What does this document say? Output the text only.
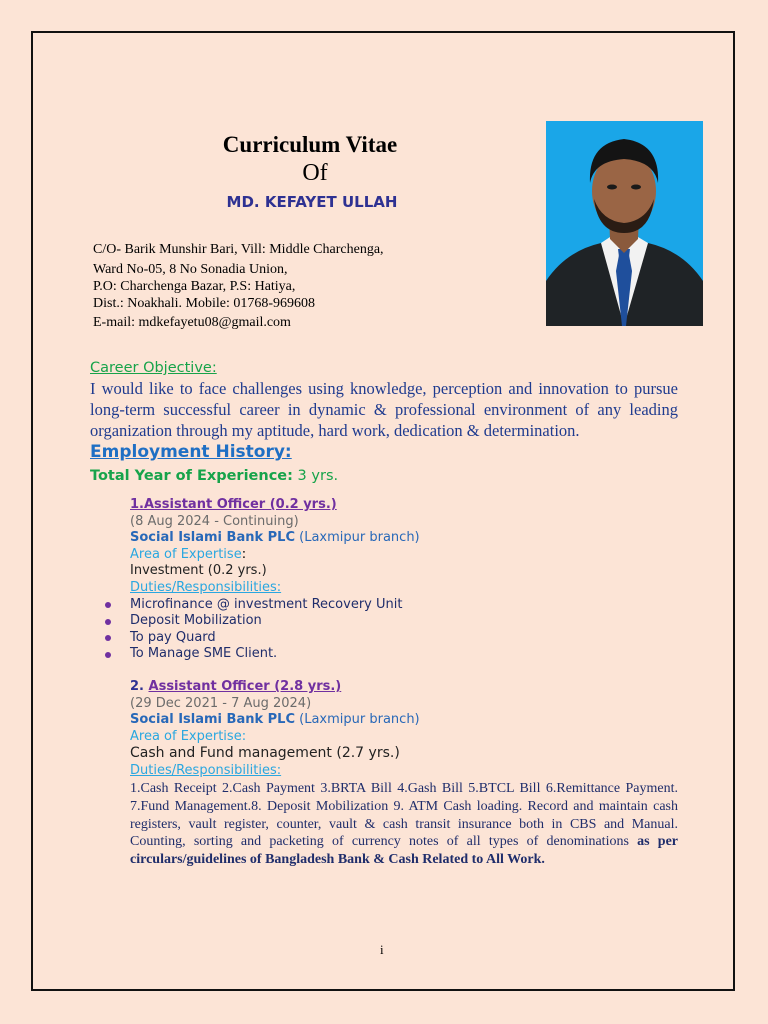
Curriculum Vitae
Of
MD. KEFAYET ULLAH
C/O- Barik Munshir Bari, Vill: Middle Charchenga,
Ward No-05, 8 No Sonadia Union,
P.O: Charchenga Bazar, P.S: Hatiya,
Dist.: Noakhali. Mobile: 01768-969608
E-mail: mdkefayetu08@gmail.com
Career Objective:
I would like to face challenges using knowledge, perception and innovation to pursue long-term successful career in dynamic & professional environment of any leading organization through my aptitude, hard work, dedication & determination.
Employment History:
Total Year of Experience: 3 yrs.
1.Assistant Officer (0.2 yrs.)
(8 Aug 2024 - Continuing)
Social Islami Bank PLC (Laxmipur branch)
Area of Expertise:
Investment (0.2 yrs.)
Duties/Responsibilities:
Microfinance @ investment Recovery Unit
Deposit Mobilization
To pay Quard
To Manage SME Client.
2. Assistant Officer (2.8 yrs.)
(29 Dec 2021 - 7 Aug 2024)
Social Islami Bank PLC (Laxmipur branch)
Area of Expertise:
Cash and Fund management (2.7 yrs.)
Duties/Responsibilities:
1.Cash Receipt 2.Cash Payment 3.BRTA Bill 4.Gash Bill 5.BTCL Bill 6.Remittance Payment. 7.Fund Management.8. Deposit Mobilization 9. ATM Cash loading. Record and maintain cash registers, vault register, counter, vault & cash transit insurance both in CBS and Manual. Counting, sorting and packeting of currency notes of all types of denominations as per circulars/guidelines of Bangladesh Bank & Cash Related to All Work.
i
